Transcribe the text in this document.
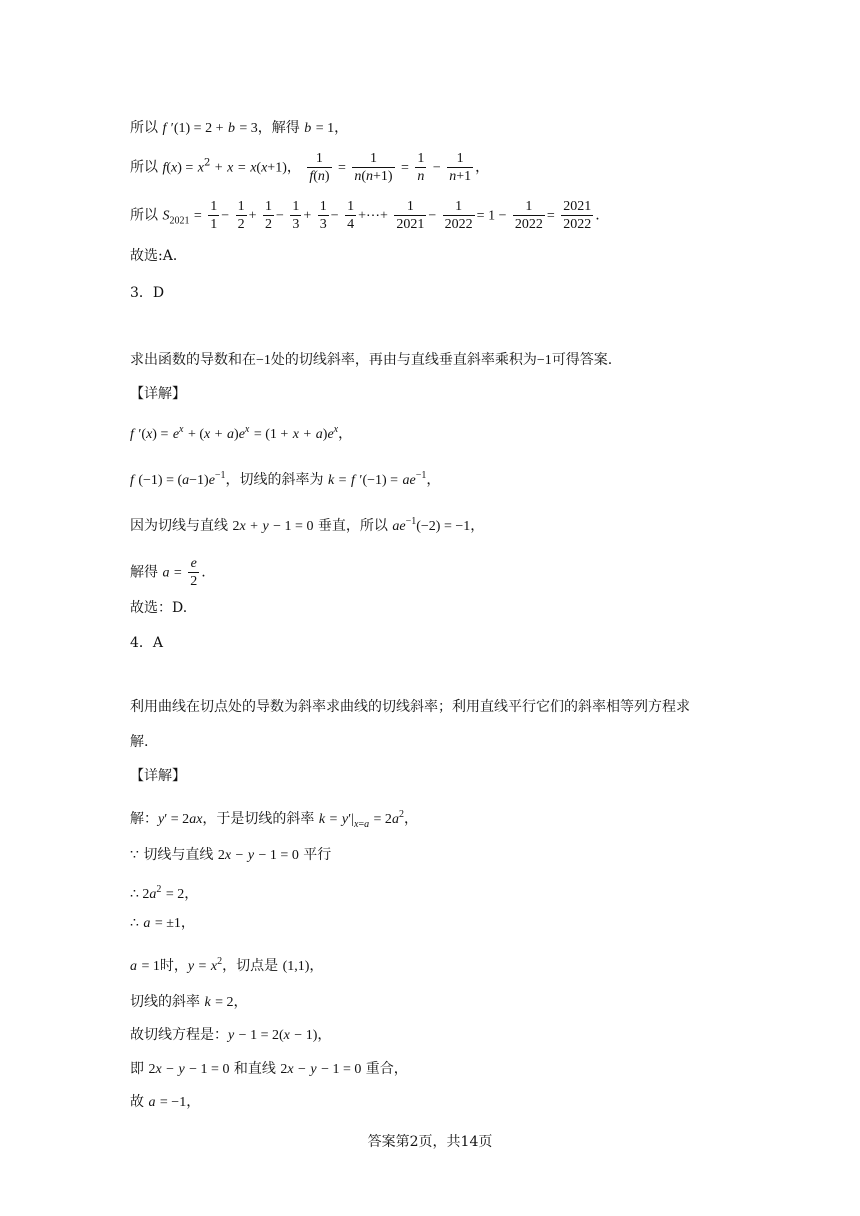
所以 f ′(1) = 2 + b = 3，解得 b = 1，
所以 $f(x) = x^2 + x = x(x+1)$， $\frac{1}{f(n)} = \frac{1}{n(n+1)} = \frac{1}{n} - \frac{1}{n+1}$ ，
所以 $S_{2021} = \frac{1}{1} - \frac{1}{2} + \frac{1}{2} - \frac{1}{3} + \frac{1}{3} - \frac{1}{4}$ +⋯+ $\frac{1}{2021} - \frac{1}{2022} = 1 - \frac{1}{2022} = \frac{2021}{2022}$ .
故选:A．
3．D
求出函数的导数和在−1处的切线斜率，再由与直线垂直斜率乘积为−1可得答案.
【详解】
f $'(x) = e^x + (x + a)e^x = (1 + x + a)e^x$，
f $(-1) = (a-1)e^{-1}$，切线的斜率为 k = f $'(-1) = ae^{-1}$，
因为切线与直线 2x + y − 1 = 0 垂直，所以 $ae^{-1}(-2) = -1$，
解得 $a = \frac{e}{2}$ .
故选：D.
4．A
利用曲线在切点处的导数为斜率求曲线的切线斜率；利用直线平行它们的斜率相等列方程求
解.
【详解】
解：y′ = 2ax，于是切线的斜率 $k = y'|_{x=a} = 2a^2$，
∵ 切线与直线 2x − y − 1 = 0 平行
∴ $2a^2 = 2$，
∴ a = ±1，
a = 1时，$y = x^2$，切点是 (1,1)，
切线的斜率 k = 2，
故切线方程是：y − 1 = 2(x − 1)，
即 2x − y − 1 = 0 和直线 2x − y − 1 = 0 重合，
故 a = −1，
答案第2页，共14页
